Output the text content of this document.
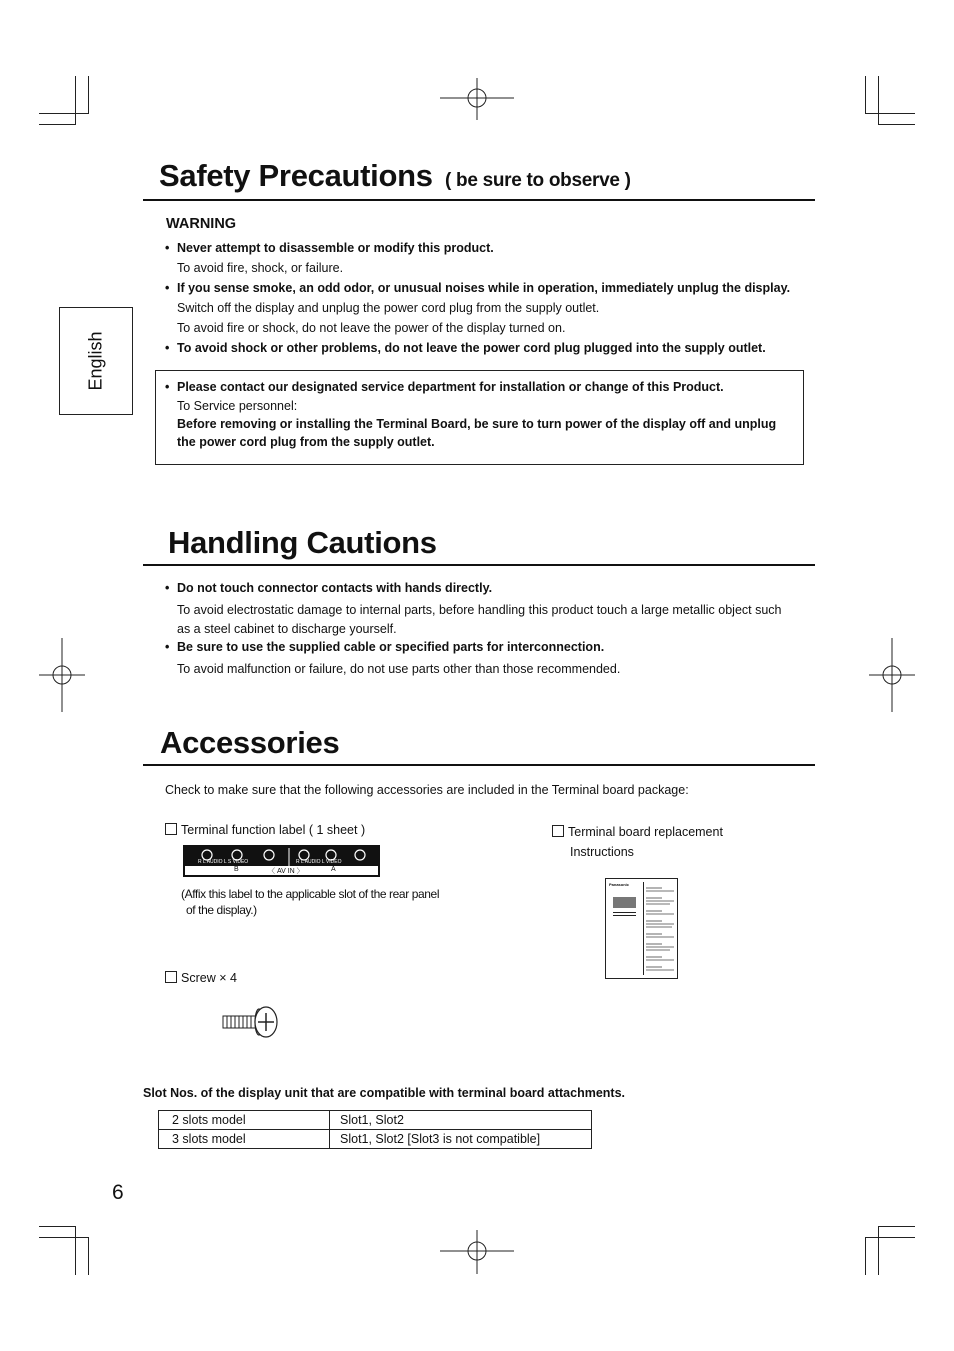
English
Safety Precautions ( be sure to observe )
WARNING
• Never attempt to disassemble or modify this product.
To avoid fire, shock, or failure.
• If you sense smoke, an odd odor, or unusual noises while in operation, immediately unplug the display.
Switch off the display and unplug the power cord plug from the supply outlet.
To avoid fire or shock, do not leave the power of the display turned on.
• To avoid shock or other problems, do not leave the power cord plug plugged into the supply outlet.
• Please contact our designated service department for installation or change of this Product.
To Service personnel:
Before removing or installing the Terminal Board, be sure to turn power of the display off and unplug
the power cord plug from the supply outlet.
Handling Cautions
• Do not touch connector contacts with hands directly.
To avoid electrostatic damage to internal parts, before handling this product touch a large metallic object such
as a steel cabinet to discharge yourself.
• Be sure to use the supplied cable or specified parts for interconnection.
To avoid malfunction or failure, do not use parts other than those recommended.
Accessories
Check to make sure that the following accessories are included in the Terminal board package:
Terminal function label ( 1 sheet )
R L AUDIO L S VIDEO	R L AUDIO L VIDEO
B	〈 AV IN 〉	A
(Affix this label to the applicable slot of the rear panel
of the display.)
Screw × 4
Terminal board replacement
Instructions
Panasonic
Slot Nos. of the display unit that are compatible with terminal board attachments.
2 slots model	Slot1, Slot2
3 slots model	Slot1, Slot2 [Slot3 is not compatible]
6
